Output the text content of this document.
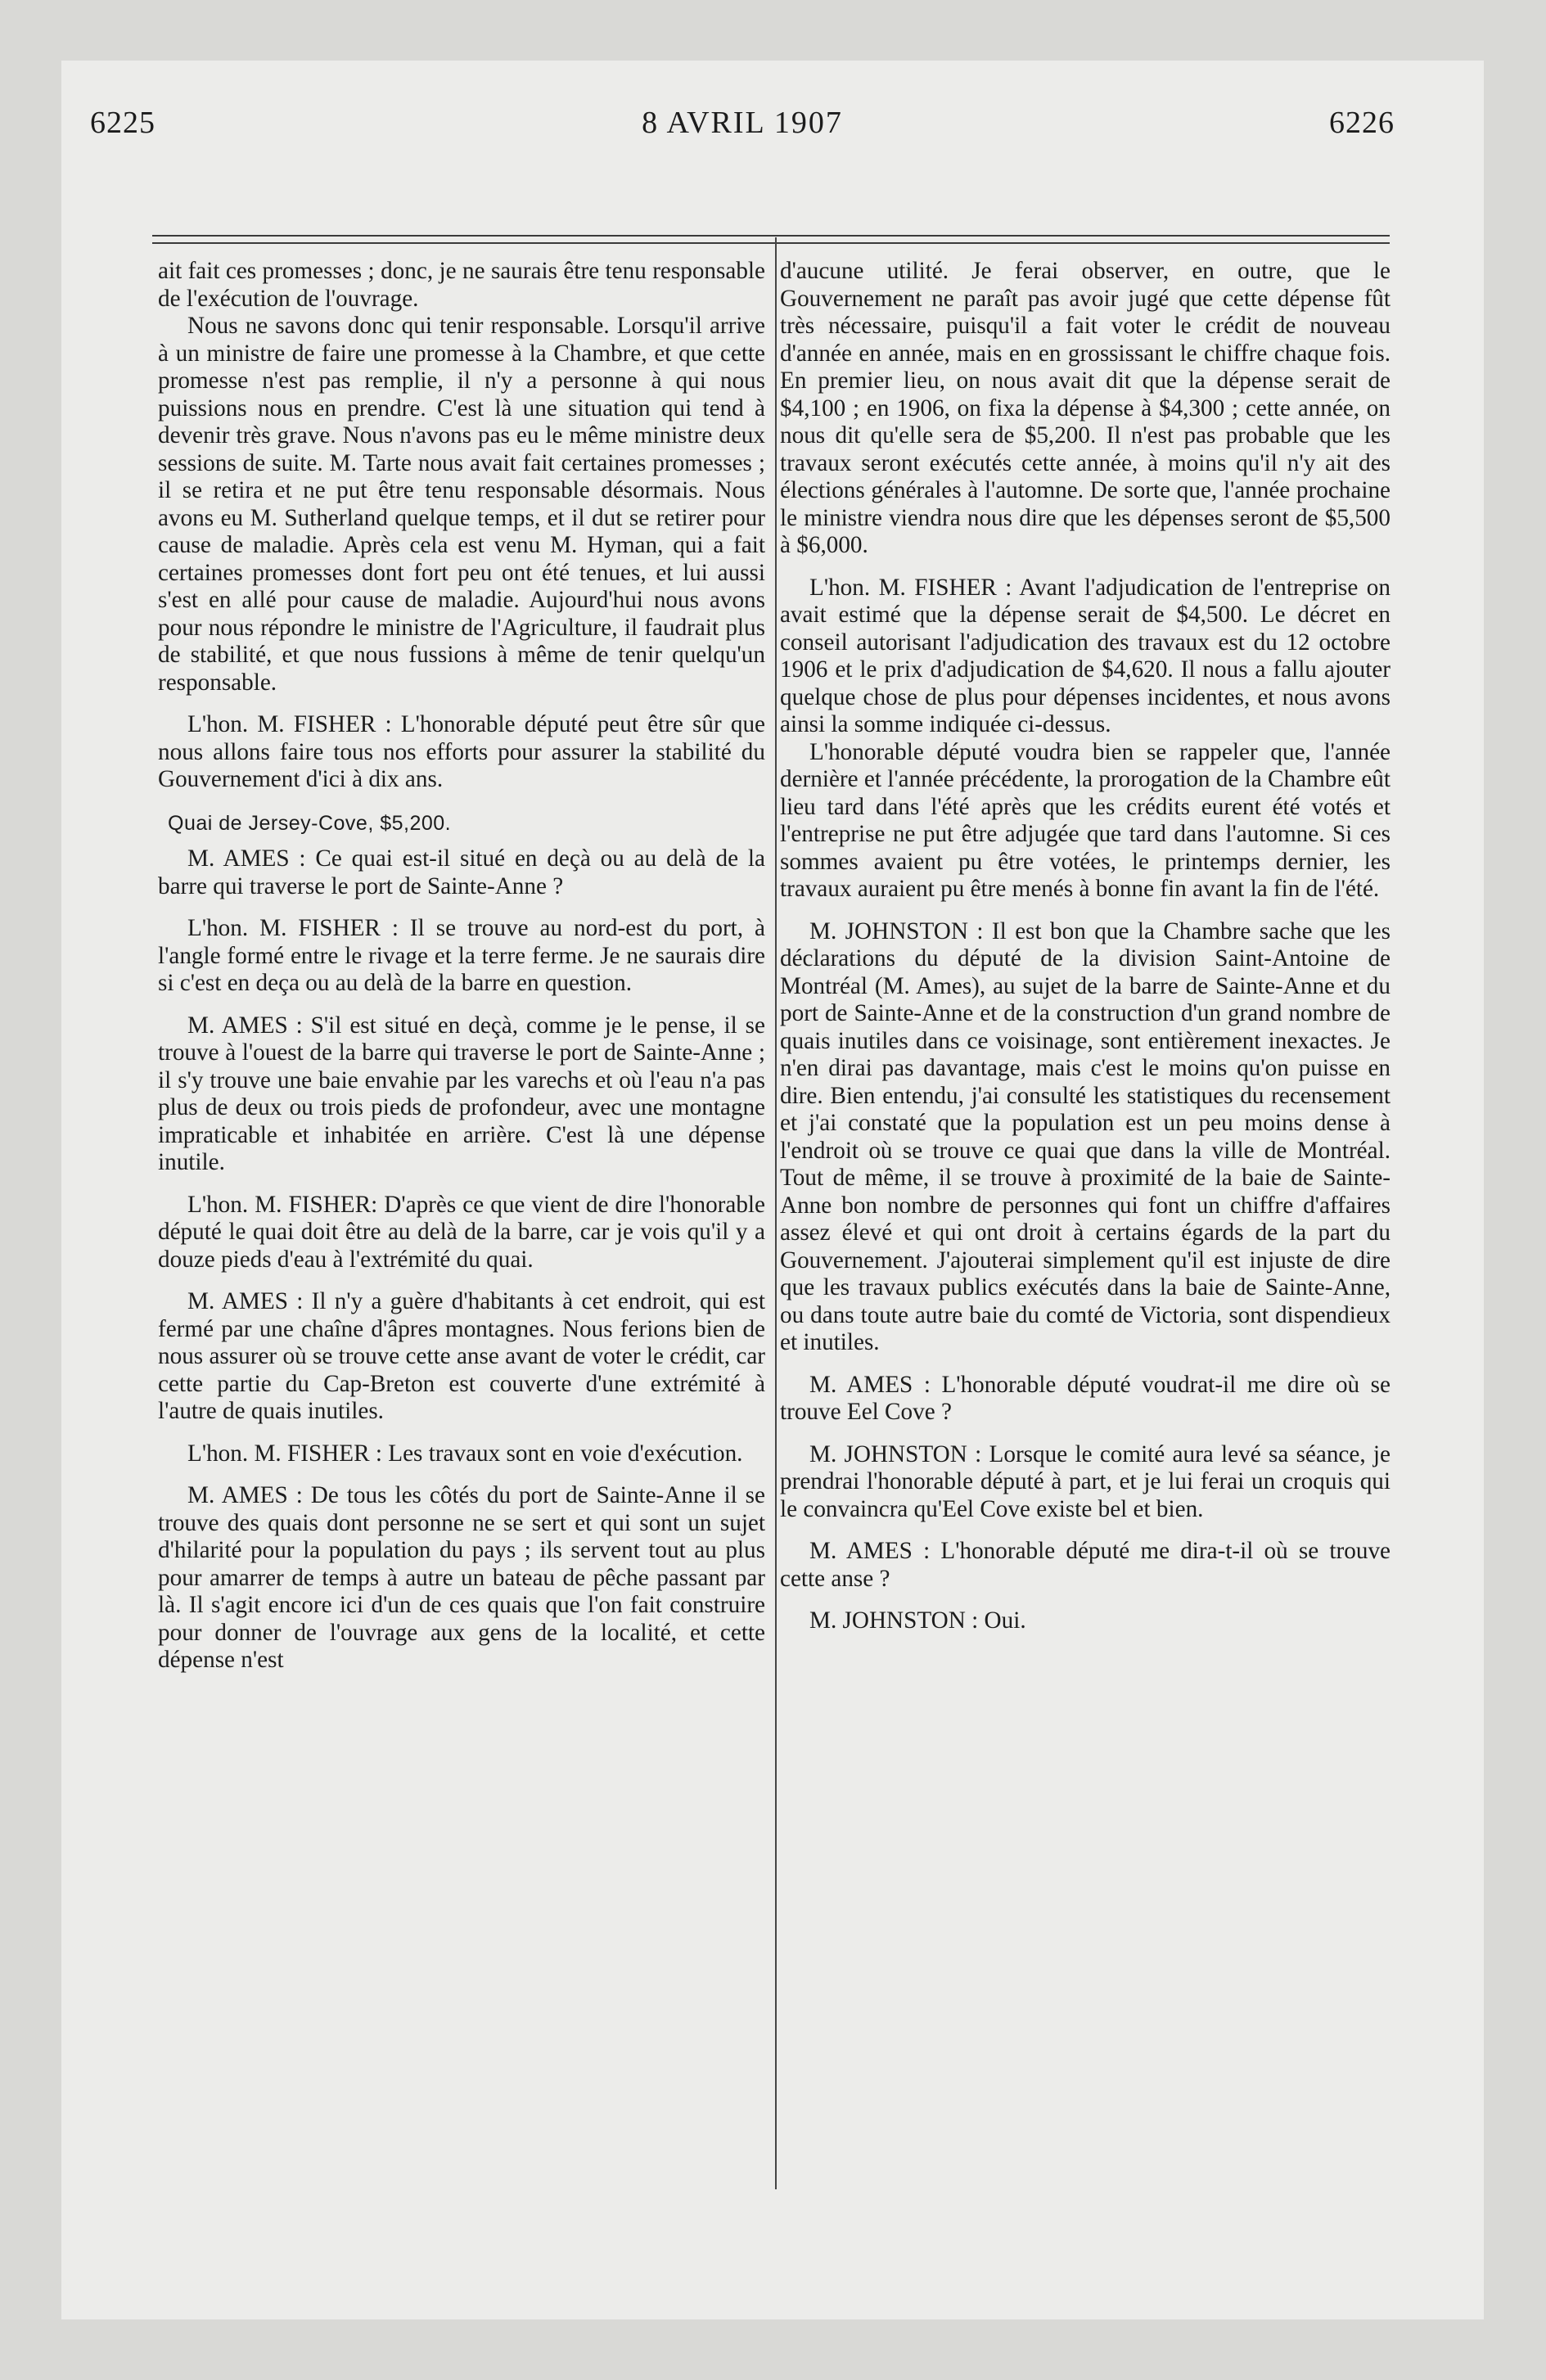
6225	8 AVRIL 1907	6226

ait fait ces promesses ; donc, je ne saurais être tenu responsable de l'exécution de l'ouvrage.

Nous ne savons donc qui tenir responsable. Lorsqu'il arrive à un ministre de faire une promesse à la Chambre, et que cette promesse n'est pas remplie, il n'y a personne à qui nous puissions nous en prendre. C'est là une situation qui tend à devenir très grave. Nous n'avons pas eu le même ministre deux sessions de suite. M. Tarte nous avait fait certaines promesses ; il se retira et ne put être tenu responsable désormais. Nous avons eu M. Sutherland quelque temps, et il dut se retirer pour cause de maladie. Après cela est venu M. Hyman, qui a fait certaines promesses dont fort peu ont été tenues, et lui aussi s'est en allé pour cause de maladie. Aujourd'hui nous avons pour nous répondre le ministre de l'Agriculture, il faudrait plus de stabilité, et que nous fussions à même de tenir quelqu'un responsable.

L'hon. M. FISHER : L'honorable député peut être sûr que nous allons faire tous nos efforts pour assurer la stabilité du Gouvernement d'ici à dix ans.

Quai de Jersey-Cove, $5,200.

M. AMES : Ce quai est-il situé en deçà ou au delà de la barre qui traverse le port de Sainte-Anne ?

L'hon. M. FISHER : Il se trouve au nord-est du port, à l'angle formé entre le rivage et la terre ferme. Je ne saurais dire si c'est en deça ou au delà de la barre en question.

M. AMES : S'il est situé en deçà, comme je le pense, il se trouve à l'ouest de la barre qui traverse le port de Sainte-Anne ; il s'y trouve une baie envahie par les varechs et où l'eau n'a pas plus de deux ou trois pieds de profondeur, avec une montagne impraticable et inhabitée en arrière. C'est là une dépense inutile.

L'hon. M. FISHER: D'après ce que vient de dire l'honorable député le quai doit être au delà de la barre, car je vois qu'il y a douze pieds d'eau à l'extrémité du quai.

M. AMES : Il n'y a guère d'habitants à cet endroit, qui est fermé par une chaîne d'âpres montagnes. Nous ferions bien de nous assurer où se trouve cette anse avant de voter le crédit, car cette partie du Cap-Breton est couverte d'une extrémité à l'autre de quais inutiles.

L'hon. M. FISHER : Les travaux sont en voie d'exécution.

M. AMES : De tous les côtés du port de Sainte-Anne il se trouve des quais dont personne ne se sert et qui sont un sujet d'hilarité pour la population du pays ; ils servent tout au plus pour amarrer de temps à autre un bateau de pêche passant par là. Il s'agit encore ici d'un de ces quais que l'on fait construire pour donner de l'ouvrage aux gens de la localité, et cette dépense n'est

d'aucune utilité. Je ferai observer, en outre, que le Gouvernement ne paraît pas avoir jugé que cette dépense fût très nécessaire, puisqu'il a fait voter le crédit de nouveau d'année en année, mais en en grossissant le chiffre chaque fois. En premier lieu, on nous avait dit que la dépense serait de $4,100 ; en 1906, on fixa la dépense à $4,300 ; cette année, on nous dit qu'elle sera de $5,200. Il n'est pas probable que les travaux seront exécutés cette année, à moins qu'il n'y ait des élections générales à l'automne. De sorte que, l'année prochaine le ministre viendra nous dire que les dépenses seront de $5,500 à $6,000.

L'hon. M. FISHER : Avant l'adjudication de l'entreprise on avait estimé que la dépense serait de $4,500. Le décret en conseil autorisant l'adjudication des travaux est du 12 octobre 1906 et le prix d'adjudication de $4,620. Il nous a fallu ajouter quelque chose de plus pour dépenses incidentes, et nous avons ainsi la somme indiquée ci-dessus.

L'honorable député voudra bien se rappeler que, l'année dernière et l'année précédente, la prorogation de la Chambre eût lieu tard dans l'été après que les crédits eurent été votés et l'entreprise ne put être adjugée que tard dans l'automne. Si ces sommes avaient pu être votées, le printemps dernier, les travaux auraient pu être menés à bonne fin avant la fin de l'été.

M. JOHNSTON : Il est bon que la Chambre sache que les déclarations du député de la division Saint-Antoine de Montréal (M. Ames), au sujet de la barre de Sainte-Anne et du port de Sainte-Anne et de la construction d'un grand nombre de quais inutiles dans ce voisinage, sont entièrement inexactes. Je n'en dirai pas davantage, mais c'est le moins qu'on puisse en dire. Bien entendu, j'ai consulté les statistiques du recensement et j'ai constaté que la population est un peu moins dense à l'endroit où se trouve ce quai que dans la ville de Montréal. Tout de même, il se trouve à proximité de la baie de Sainte-Anne bon nombre de personnes qui font un chiffre d'affaires assez élevé et qui ont droit à certains égards de la part du Gouvernement. J'ajouterai simplement qu'il est injuste de dire que les travaux publics exécutés dans la baie de Sainte-Anne, ou dans toute autre baie du comté de Victoria, sont dispendieux et inutiles.

M. AMES : L'honorable député voudrat-il me dire où se trouve Eel Cove ?

M. JOHNSTON : Lorsque le comité aura levé sa séance, je prendrai l'honorable député à part, et je lui ferai un croquis qui le convaincra qu'Eel Cove existe bel et bien.

M. AMES : L'honorable député me dira-t-il où se trouve cette anse ?

M. JOHNSTON : Oui.
